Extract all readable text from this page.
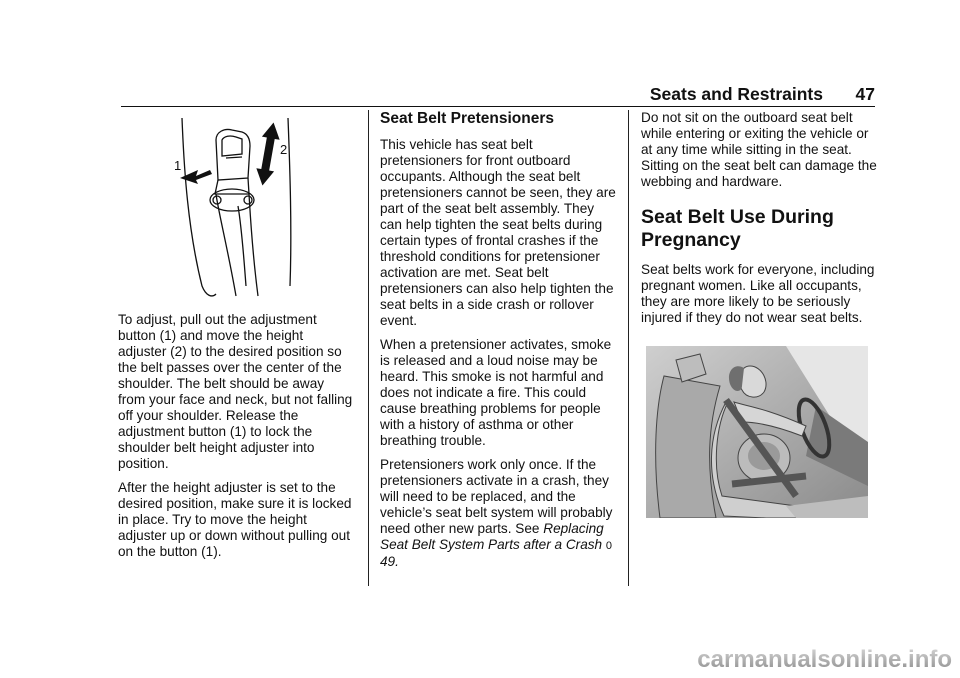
Seats and Restraints 47
1
2

To adjust, pull out the adjustment button (1) and move the height adjuster (2) to the desired position so the belt passes over the center of the shoulder. The belt should be away from your face and neck, but not falling off your shoulder. Release the adjustment button (1) to lock the shoulder belt height adjuster into position.

After the height adjuster is set to the desired position, make sure it is locked in place. Try to move the height adjuster up or down without pulling out on the button (1).

Seat Belt Pretensioners

This vehicle has seat belt pretensioners for front outboard occupants. Although the seat belt pretensioners cannot be seen, they are part of the seat belt assembly. They can help tighten the seat belts during certain types of frontal crashes if the threshold conditions for pretensioner activation are met. Seat belt pretensioners can also help tighten the seat belts in a side crash or rollover event.

When a pretensioner activates, smoke is released and a loud noise may be heard. This smoke is not harmful and does not indicate a fire. This could cause breathing problems for people with a history of asthma or other breathing trouble.

Pretensioners work only once. If the pretensioners activate in a crash, they will need to be replaced, and the vehicle’s seat belt system will probably need other new parts. See Replacing Seat Belt System Parts after a Crash 0 49.

Do not sit on the outboard seat belt while entering or exiting the vehicle or at any time while sitting in the seat. Sitting on the seat belt can damage the webbing and hardware.

Seat Belt Use During Pregnancy

Seat belts work for everyone, including pregnant women. Like all occupants, they are more likely to be seriously injured if they do not wear seat belts.

carmanualsonline.info
